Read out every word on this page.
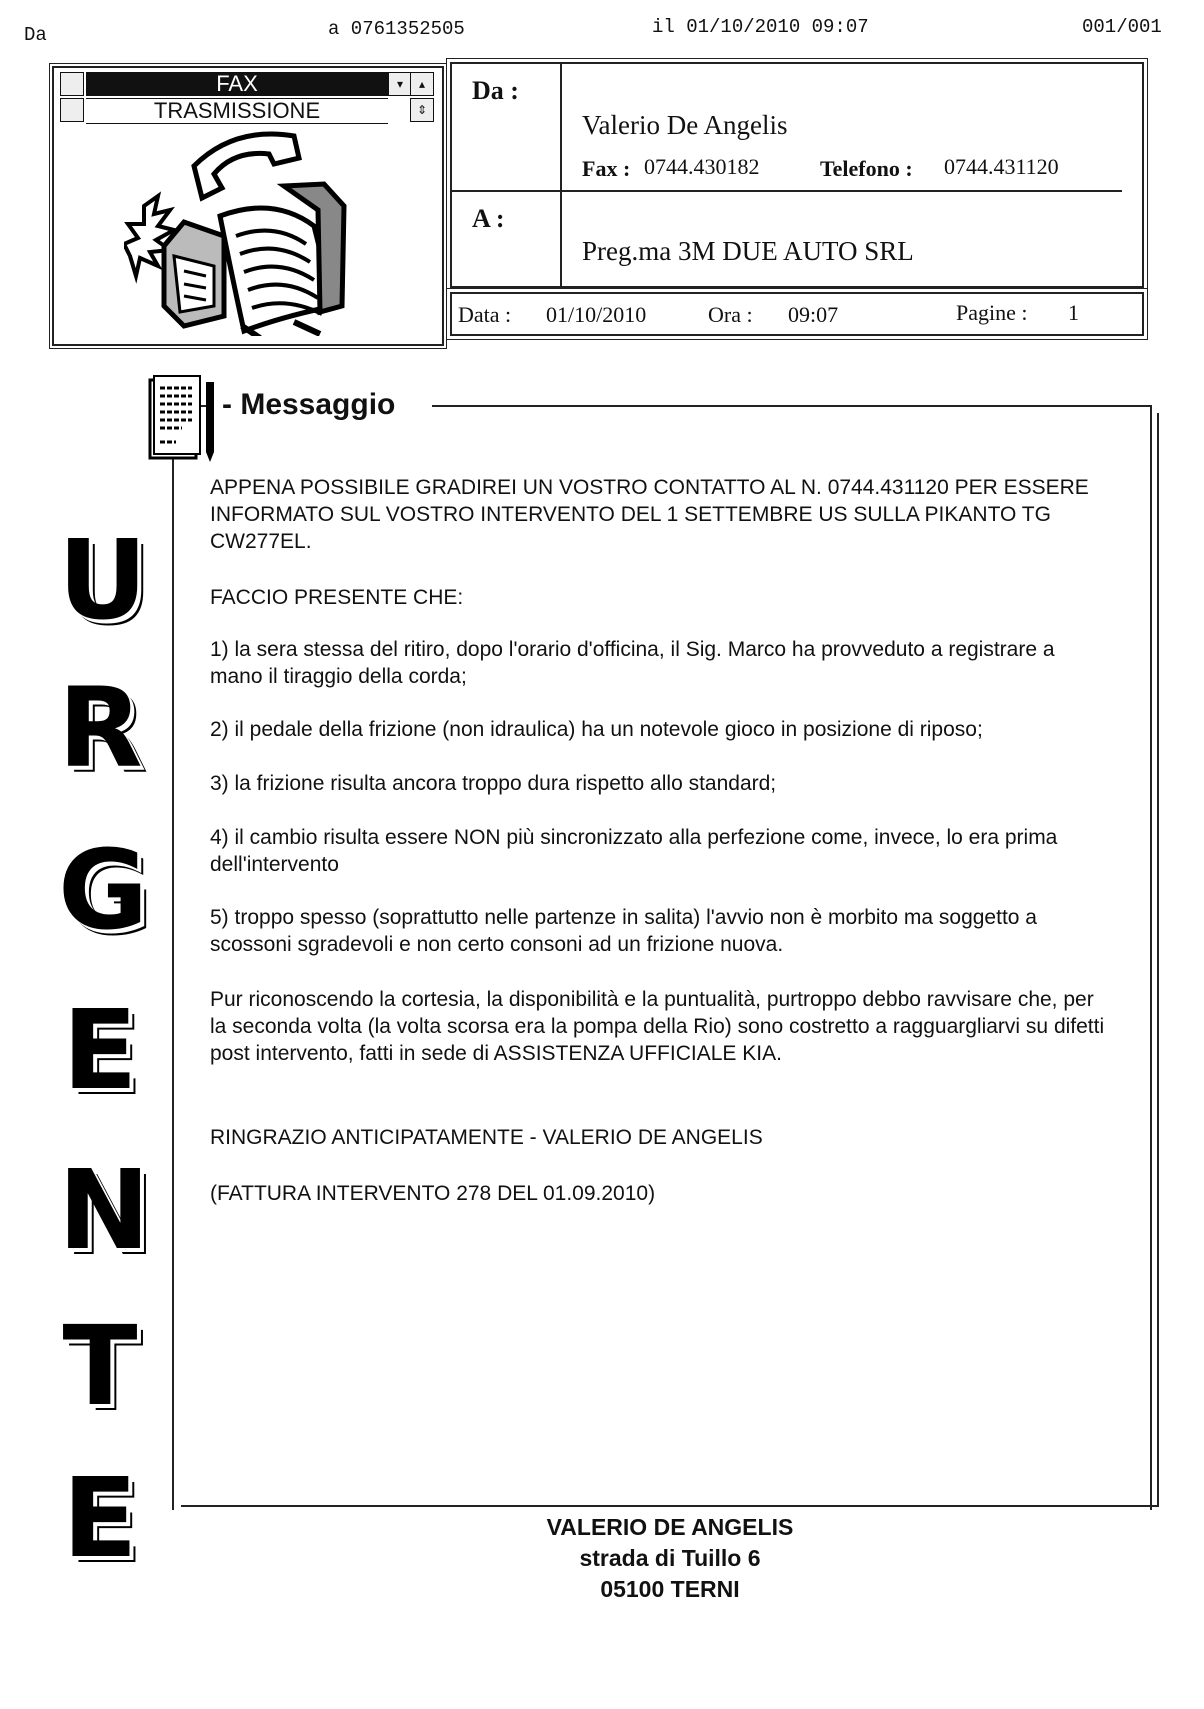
Da	a 0761352505	il 01/10/2010 09:07	001/001
FAX
TRASMISSIONE
▾	▴
⇕
Da :
Valerio De Angelis
Fax : 0744.430182	Telefono : 0744.431120
A :
Preg.ma 3M DUE AUTO SRL
Data : 01/10/2010	Ora : 09:07	Pagine : 1
- Messaggio
APPENA POSSIBILE GRADIREI UN VOSTRO CONTATTO AL N. 0744.431120 PER ESSERE INFORMATO SUL VOSTRO INTERVENTO DEL 1 SETTEMBRE US SULLA PIKANTO TG CW277EL.
FACCIO PRESENTE CHE:
1) la sera stessa del ritiro, dopo l'orario d'officina, il Sig. Marco ha provveduto a registrare a mano il tiraggio della corda;
2) il pedale della frizione (non idraulica) ha un notevole gioco in posizione di riposo;
3) la frizione risulta ancora troppo dura rispetto allo standard;
4) il cambio risulta essere NON più sincronizzato alla perfezione come, invece, lo era prima dell'intervento
5) troppo spesso (soprattutto nelle partenze in salita) l'avvio non è morbito ma soggetto a scossoni sgradevoli e non certo consoni ad un frizione nuova.
Pur riconoscendo la cortesia, la disponibilità e la puntualità, purtroppo debbo ravvisare che, per la seconda volta (la volta scorsa era la pompa della Rio) sono costretto a ragguargliarvi su difetti post intervento, fatti in sede di ASSISTENZA UFFICIALE KIA.
RINGRAZIO ANTICIPATAMENTE - VALERIO DE ANGELIS
(FATTURA INTERVENTO 278 DEL 01.09.2010)
U
R
G
E
N
T
E	VALERIO DE ANGELIS
strada di Tuillo 6
05100 TERNI
